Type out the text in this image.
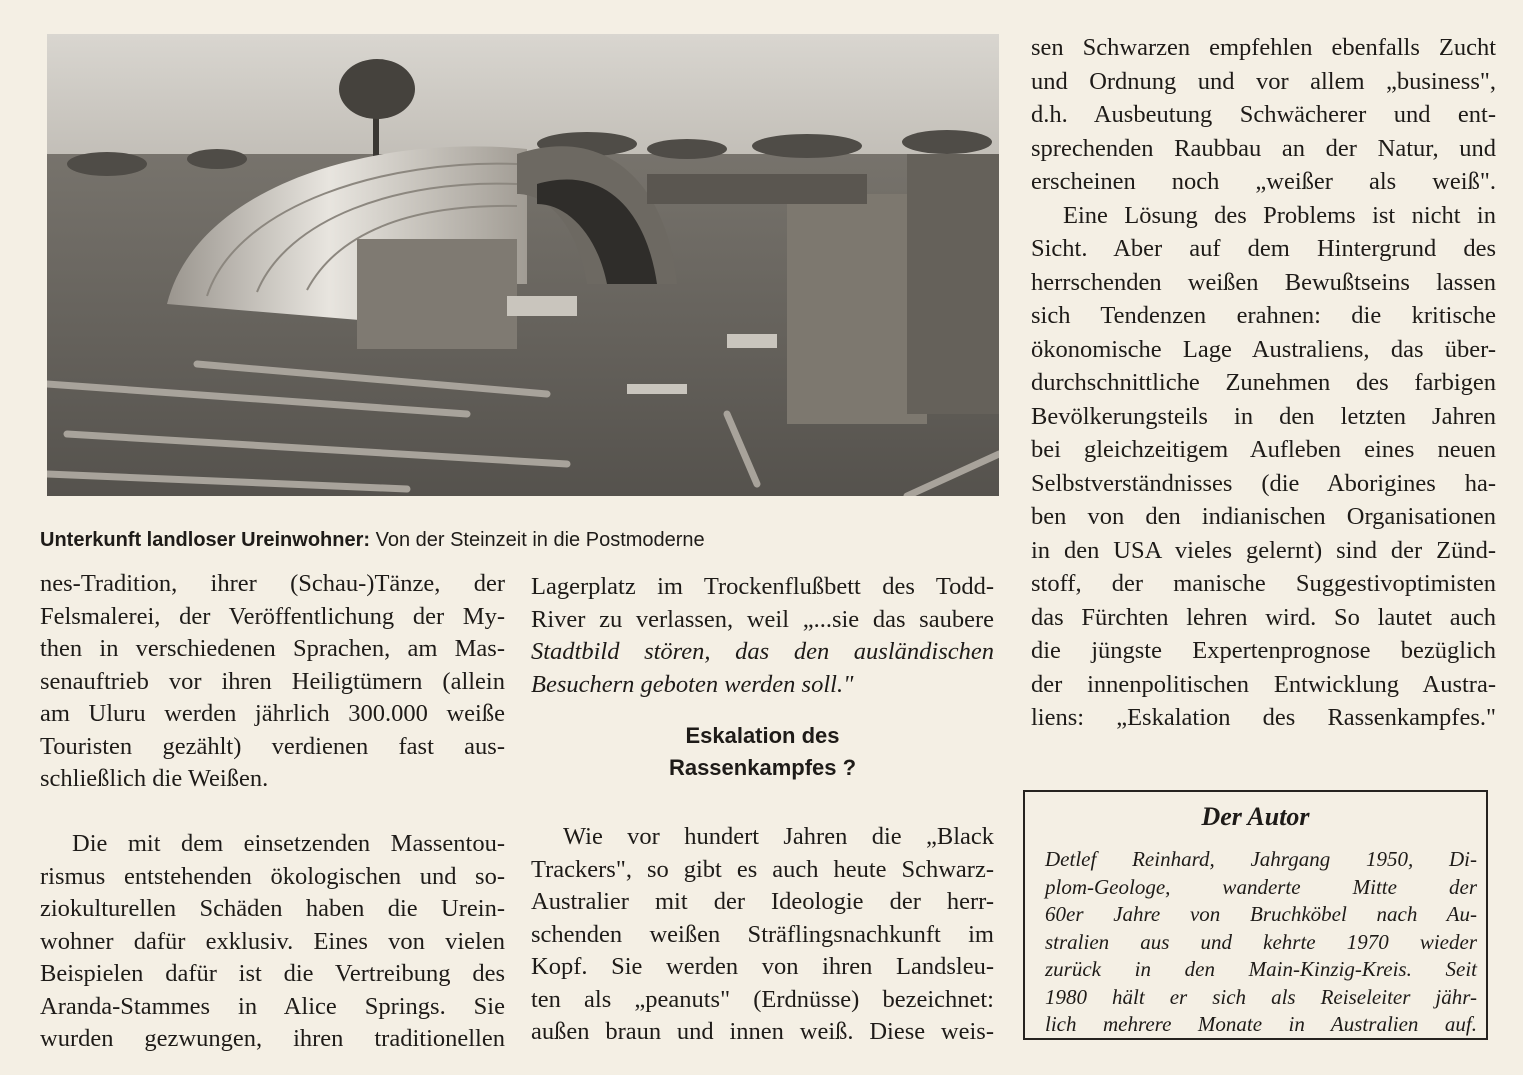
Unterkunft landloser Ureinwohner: Von der Steinzeit in die Postmoderne
nes-Tradition, ihrer (Schau-)Tänze, der
Felsmalerei, der Veröffentlichung der My-
then in verschiedenen Sprachen, am Mas-
senauftrieb vor ihren Heiligtümern (allein
am Uluru werden jährlich 300.000 weiße
Touristen gezählt) verdienen fast aus-
schließlich die Weißen.
Die mit dem einsetzenden Massentou-
rismus entstehenden ökologischen und so-
ziokulturellen Schäden haben die Urein-
wohner dafür exklusiv. Eines von vielen
Beispielen dafür ist die Vertreibung des
Aranda-Stammes in Alice Springs. Sie
wurden gezwungen, ihren traditionellen
Lagerplatz im Trockenflußbett des Todd-
River zu verlassen, weil „...sie das saubere
Stadtbild stören, das den ausländischen
Besuchern geboten werden soll."
Eskalation des
Rassenkampfes ?
Wie vor hundert Jahren die „Black
Trackers", so gibt es auch heute Schwarz-
Australier mit der Ideologie der herr-
schenden weißen Sträflingsnachkunft im
Kopf. Sie werden von ihren Landsleu-
ten als „peanuts" (Erdnüsse) bezeichnet:
außen braun und innen weiß. Diese weis-
sen Schwarzen empfehlen ebenfalls Zucht
und Ordnung und vor allem „business",
d.h. Ausbeutung Schwächerer und ent-
sprechenden Raubbau an der Natur, und
erscheinen noch „weißer als weiß".
Eine Lösung des Problems ist nicht in
Sicht. Aber auf dem Hintergrund des
herrschenden weißen Bewußtseins lassen
sich Tendenzen erahnen: die kritische
ökonomische Lage Australiens, das über-
durchschnittliche Zunehmen des farbigen
Bevölkerungsteils in den letzten Jahren
bei gleichzeitigem Aufleben eines neuen
Selbstverständnisses (die Aborigines ha-
ben von den indianischen Organisationen
in den USA vieles gelernt) sind der Zünd-
stoff, der manische Suggestivoptimisten
das Fürchten lehren wird. So lautet auch
die jüngste Expertenprognose bezüglich
der innenpolitischen Entwicklung Austra-
liens: „Eskalation des Rassenkampfes."
Der Autor
Detlef Reinhard, Jahrgang 1950, Di-
plom-Geologe, wanderte Mitte der
60er Jahre von Bruchköbel nach Au-
stralien aus und kehrte 1970 wieder
zurück in den Main-Kinzig-Kreis. Seit
1980 hält er sich als Reiseleiter jähr-
lich mehrere Monate in Australien auf.
